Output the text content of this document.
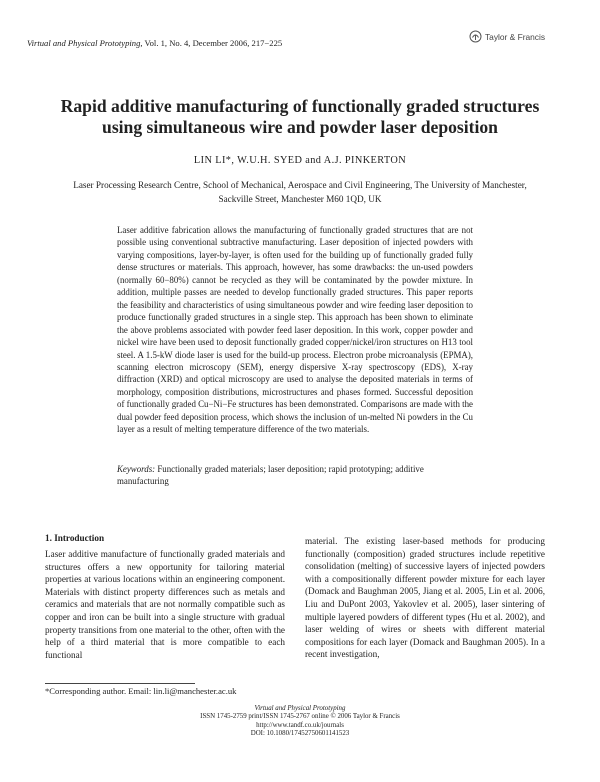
Virtual and Physical Prototyping, Vol. 1, No. 4, December 2006, 217−225
Taylor & Francis
Rapid additive manufacturing of functionally graded structures
using simultaneous wire and powder laser deposition
LIN LI*, W.U.H. SYED and A.J. PINKERTON
Laser Processing Research Centre, School of Mechanical, Aerospace and Civil Engineering, The University of Manchester,
Sackville Street, Manchester M60 1QD, UK
Laser additive fabrication allows the manufacturing of functionally graded structures that are not possible using conventional subtractive manufacturing. Laser deposition of injected powders with varying compositions, layer-by-layer, is often used for the building up of functionally graded fully dense structures or materials. This approach, however, has some drawbacks: the un-used powders (normally 60−80%) cannot be recycled as they will be contaminated by the powder mixture. In addition, multiple passes are needed to develop functionally graded structures. This paper reports the feasibility and characteristics of using simultaneous powder and wire feeding laser deposition to produce functionally graded structures in a single step. This approach has been shown to eliminate the above problems associated with powder feed laser deposition. In this work, copper powder and nickel wire have been used to deposit functionally graded copper/nickel/iron structures on H13 tool steel. A 1.5-kW diode laser is used for the build-up process. Electron probe microanalysis (EPMA), scanning electron microscopy (SEM), energy dispersive X-ray spectroscopy (EDS), X-ray diffraction (XRD) and optical microscopy are used to analyse the deposited materials in terms of morphology, composition distributions, microstructures and phases formed. Successful deposition of functionally graded Cu−Ni−Fe structures has been demonstrated. Comparisons are made with the dual powder feed deposition process, which shows the inclusion of un-melted Ni powders in the Cu layer as a result of melting temperature difference of the two materials.
Keywords: Functionally graded materials; laser deposition; rapid prototyping; additive manufacturing
1. Introduction
Laser additive manufacture of functionally graded materials and structures offers a new opportunity for tailoring material properties at various locations within an engineering component. Materials with distinct property differences such as metals and ceramics and materials that are not normally compatible such as copper and iron can be built into a single structure with gradual property transitions from one material to the other, often with the help of a third material that is more compatible to each functional
material. The existing laser-based methods for producing functionally (composition) graded structures include repetitive consolidation (melting) of successive layers of injected powders with a compositionally different powder mixture for each layer (Domack and Baughman 2005, Jiang et al. 2005, Lin et al. 2006, Liu and DuPont 2003, Yakovlev et al. 2005), laser sintering of multiple layered powders of different types (Hu et al. 2002), and laser welding of wires or sheets with different material compositions for each layer (Domack and Baughman 2005). In a recent investigation,
*Corresponding author. Email: lin.li@manchester.ac.uk
Virtual and Physical Prototyping
ISSN 1745-2759 print/ISSN 1745-2767 online © 2006 Taylor & Francis
http://www.tandf.co.uk/journals
DOI: 10.1080/17452750601141523
